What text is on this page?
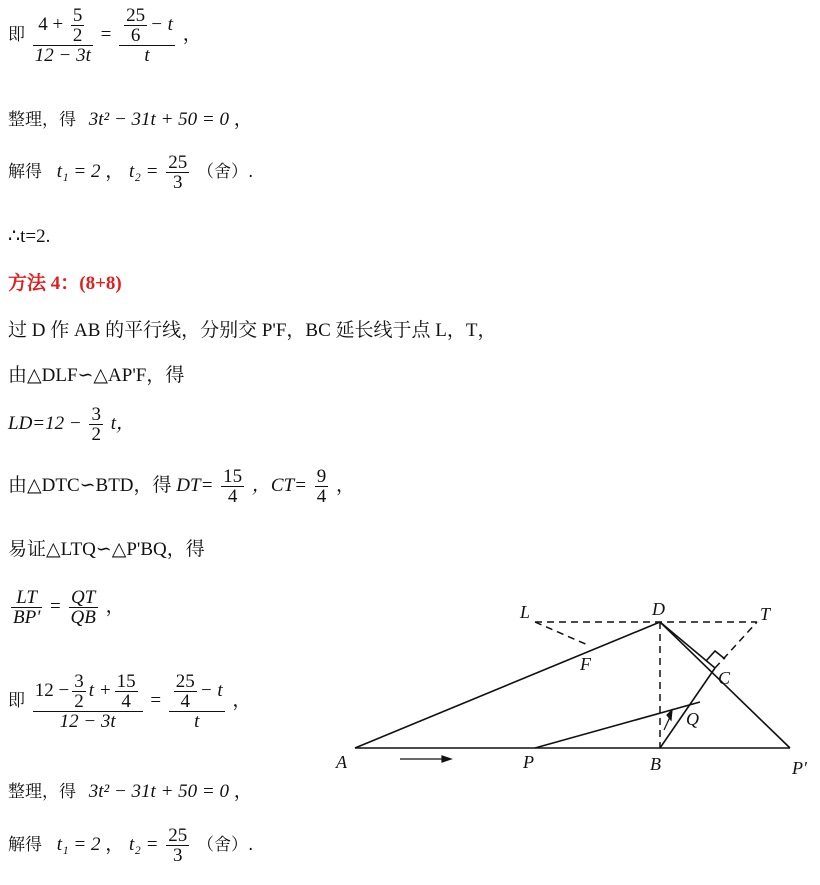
即 $\frac{4 + \frac{5}{2}}{12 - 3t} = \frac{\frac{25}{6} - t}{t}$ ，
整理，得 3t² − 31t + 50 = 0 ，
解得 t₁ = 2 ， $t_2 = \frac{25}{3}$ （舍）.
∴t=2.
方法 4：(8+8)
过 D 作 AB 的平行线，分别交 P'F，BC 延长线于点 L，T，
由△DLF∽△AP'F，得
$LD=12 - \frac{3}{2}$ t，
由△DTC∽BTD，得 $DT= \frac{15}{4}$ ，$CT= \frac{9}{4}$ ，
易证△LTQ∽△P'BQ，得
$\frac{LT}{BP'} = \frac{QT}{QB}$ ，
即 $\frac{12 - \frac{3}{2} t + \frac{15}{4}}{12 - 3t} = \frac{\frac{25}{4} - t}{t}$ ，
整理，得 3t² − 31t + 50 = 0 ，
解得 t₁ = 2 ， $t_2 = \frac{25}{3}$ （舍）.
L	D	T
F
C
Q
A	P	B	P′
